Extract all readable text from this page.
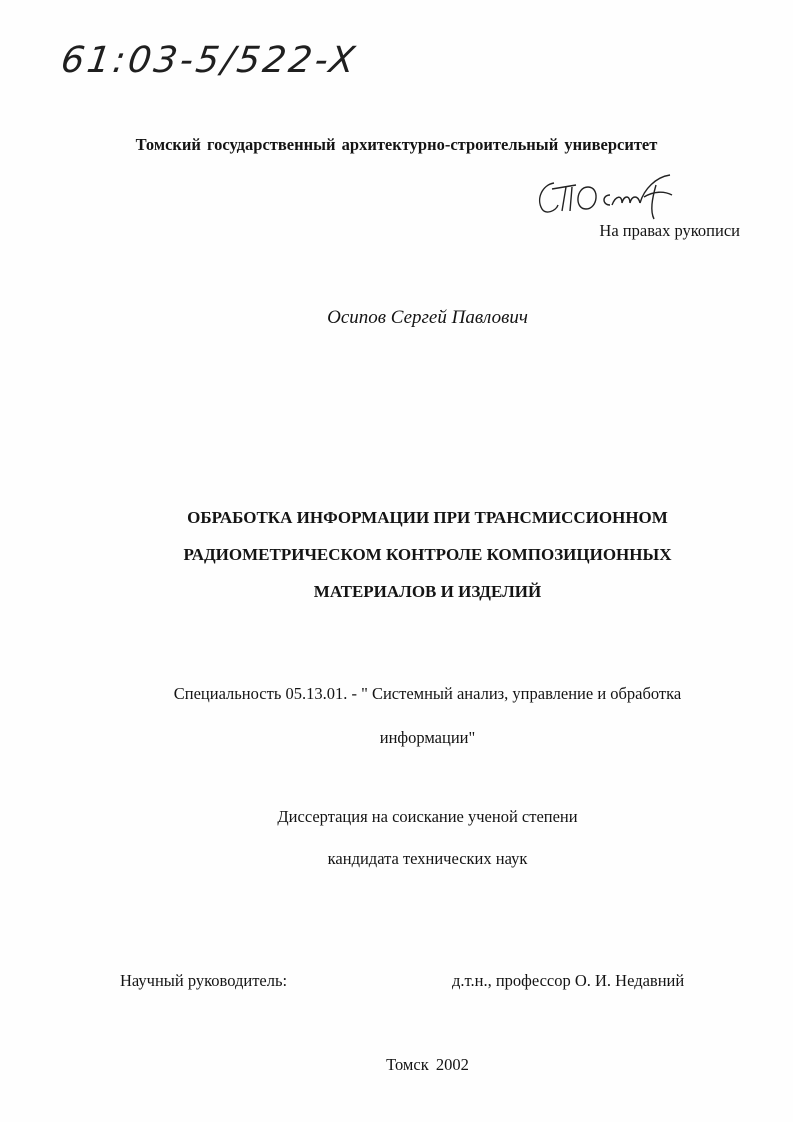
61:03-5/522-X
Томский государственный архитектурно-строительный университет
На правах рукописи
Осипов Сергей Павлович
ОБРАБОТКА ИНФОРМАЦИИ ПРИ ТРАНСМИССИОННОМ
РАДИОМЕТРИЧЕСКОМ КОНТРОЛЕ КОМПОЗИЦИОННЫХ
МАТЕРИАЛОВ И ИЗДЕЛИЙ
Специальность 05.13.01. - " Системный анализ, управление и обработка
информации"
Диссертация на соискание ученой степени
кандидата технических наук
Научный руководитель:	д.т.н., профессор О. И. Недавний
Томск 2002
